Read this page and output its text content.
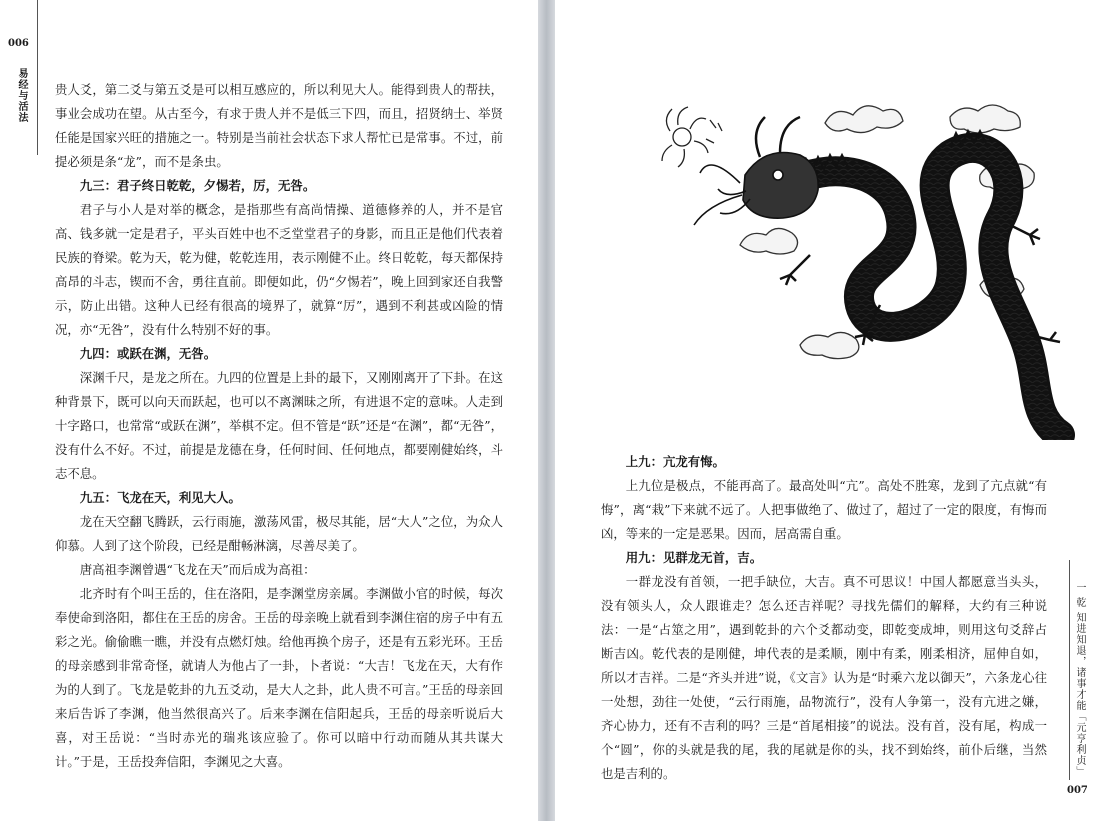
006
易经与活法 贵人爻，第二爻与第五爻是可以相互感应的，所以利见大人。能得到贵人的帮扶，事业会成功在望。从古至今，有求于贵人并不是低三下四，而且，招贤纳士、举贤任能是国家兴旺的措施之一。特别是当前社会状态下求人帮忙已是常事。不过，前提必须是条“龙”，而不是条虫。

九三：君子终日乾乾，夕惕若，厉，无咎。

君子与小人是对举的概念，是指那些有高尚情操、道德修养的人，并不是官高、钱多就一定是君子，平头百姓中也不乏堂堂君子的身影，而且正是他们代表着民族的脊梁。乾为天，乾为健，乾乾连用，表示刚健不止。终日乾乾，每天都保持高昂的斗志，锲而不舍，勇往直前。即便如此，仍“夕惕若”，晚上回到家还自我警示，防止出错。这种人已经有很高的境界了，就算“厉”，遇到不利甚或凶险的情况，亦“无咎”，没有什么特别不好的事。

九四：或跃在渊，无咎。

深渊千尺，是龙之所在。九四的位置是上卦的最下，又刚刚离开了下卦。在这种背景下，既可以向天而跃起，也可以不离渊昧之所，有进退不定的意味。人走到十字路口，也常常“或跃在渊”，举棋不定。但不管是“跃”还是“在渊”，都“无咎”，没有什么不好。不过，前提是龙德在身，任何时间、任何地点，都要刚健始终，斗志不息。

九五：飞龙在天，利见大人。

龙在天空翻飞腾跃，云行雨施，激荡风雷，极尽其能，居“大人”之位，为众人仰慕。人到了这个阶段，已经是酣畅淋漓，尽善尽美了。

唐高祖李渊曾遇“飞龙在天”而后成为高祖：

北齐时有个叫王岳的，住在洛阳，是李渊堂房亲属。李渊做小官的时候，每次奉使命到洛阳，都住在王岳的房舍。王岳的母亲晚上就看到李渊住宿的房子中有五彩之光。偷偷瞧一瞧，并没有点燃灯烛。给他再换个房子，还是有五彩光环。王岳的母亲感到非常奇怪，就请人为他占了一卦，卜者说：“大吉！飞龙在天，大有作为的人到了。飞龙是乾卦的九五爻动，是大人之卦，此人贵不可言。”王岳的母亲回来后告诉了李渊，他当然很高兴了。后来李渊在信阳起兵，王岳的母亲听说后大喜，对王岳说：“当时赤光的瑞兆该应验了。你可以暗中行动而随从其共谋大计。”于是，王岳投奔信阳，李渊见之大喜。

上九：亢龙有悔。

上九位是极点，不能再高了。最高处叫“亢”。高处不胜寒，龙到了亢点就“有悔”，离“栽”下来就不远了。人把事做绝了、做过了，超过了一定的限度，有悔而凶，等来的一定是恶果。因而，居高需自重。

用九：见群龙无首，吉。

一群龙没有首领，一把手缺位，大吉。真不可思议！中国人都愿意当头头，没有领头人，众人跟谁走？怎么还吉祥呢？寻找先儒们的解释，大约有三种说法：一是“占筮之用”，遇到乾卦的六个爻都动变，即乾变成坤，则用这句爻辞占断吉凶。乾代表的是刚健，坤代表的是柔顺，刚中有柔，刚柔相济，屈伸自如，所以才吉祥。二是“齐头并进”说，《文言》认为是“时乘六龙以御天”，六条龙心往一处想，劲往一处使，“云行雨施，品物流行”，没有人争第一，没有亢进之嫌，齐心协力，还有不吉利的吗？三是“首尾相接”的说法。没有首，没有尾，构成一个“圆”，你的头就是我的尾，我的尾就是你的头，找不到始终，前仆后继，当然也是吉利的。	一 乾 知进知退，诸事才能「元亨利贞」
007
